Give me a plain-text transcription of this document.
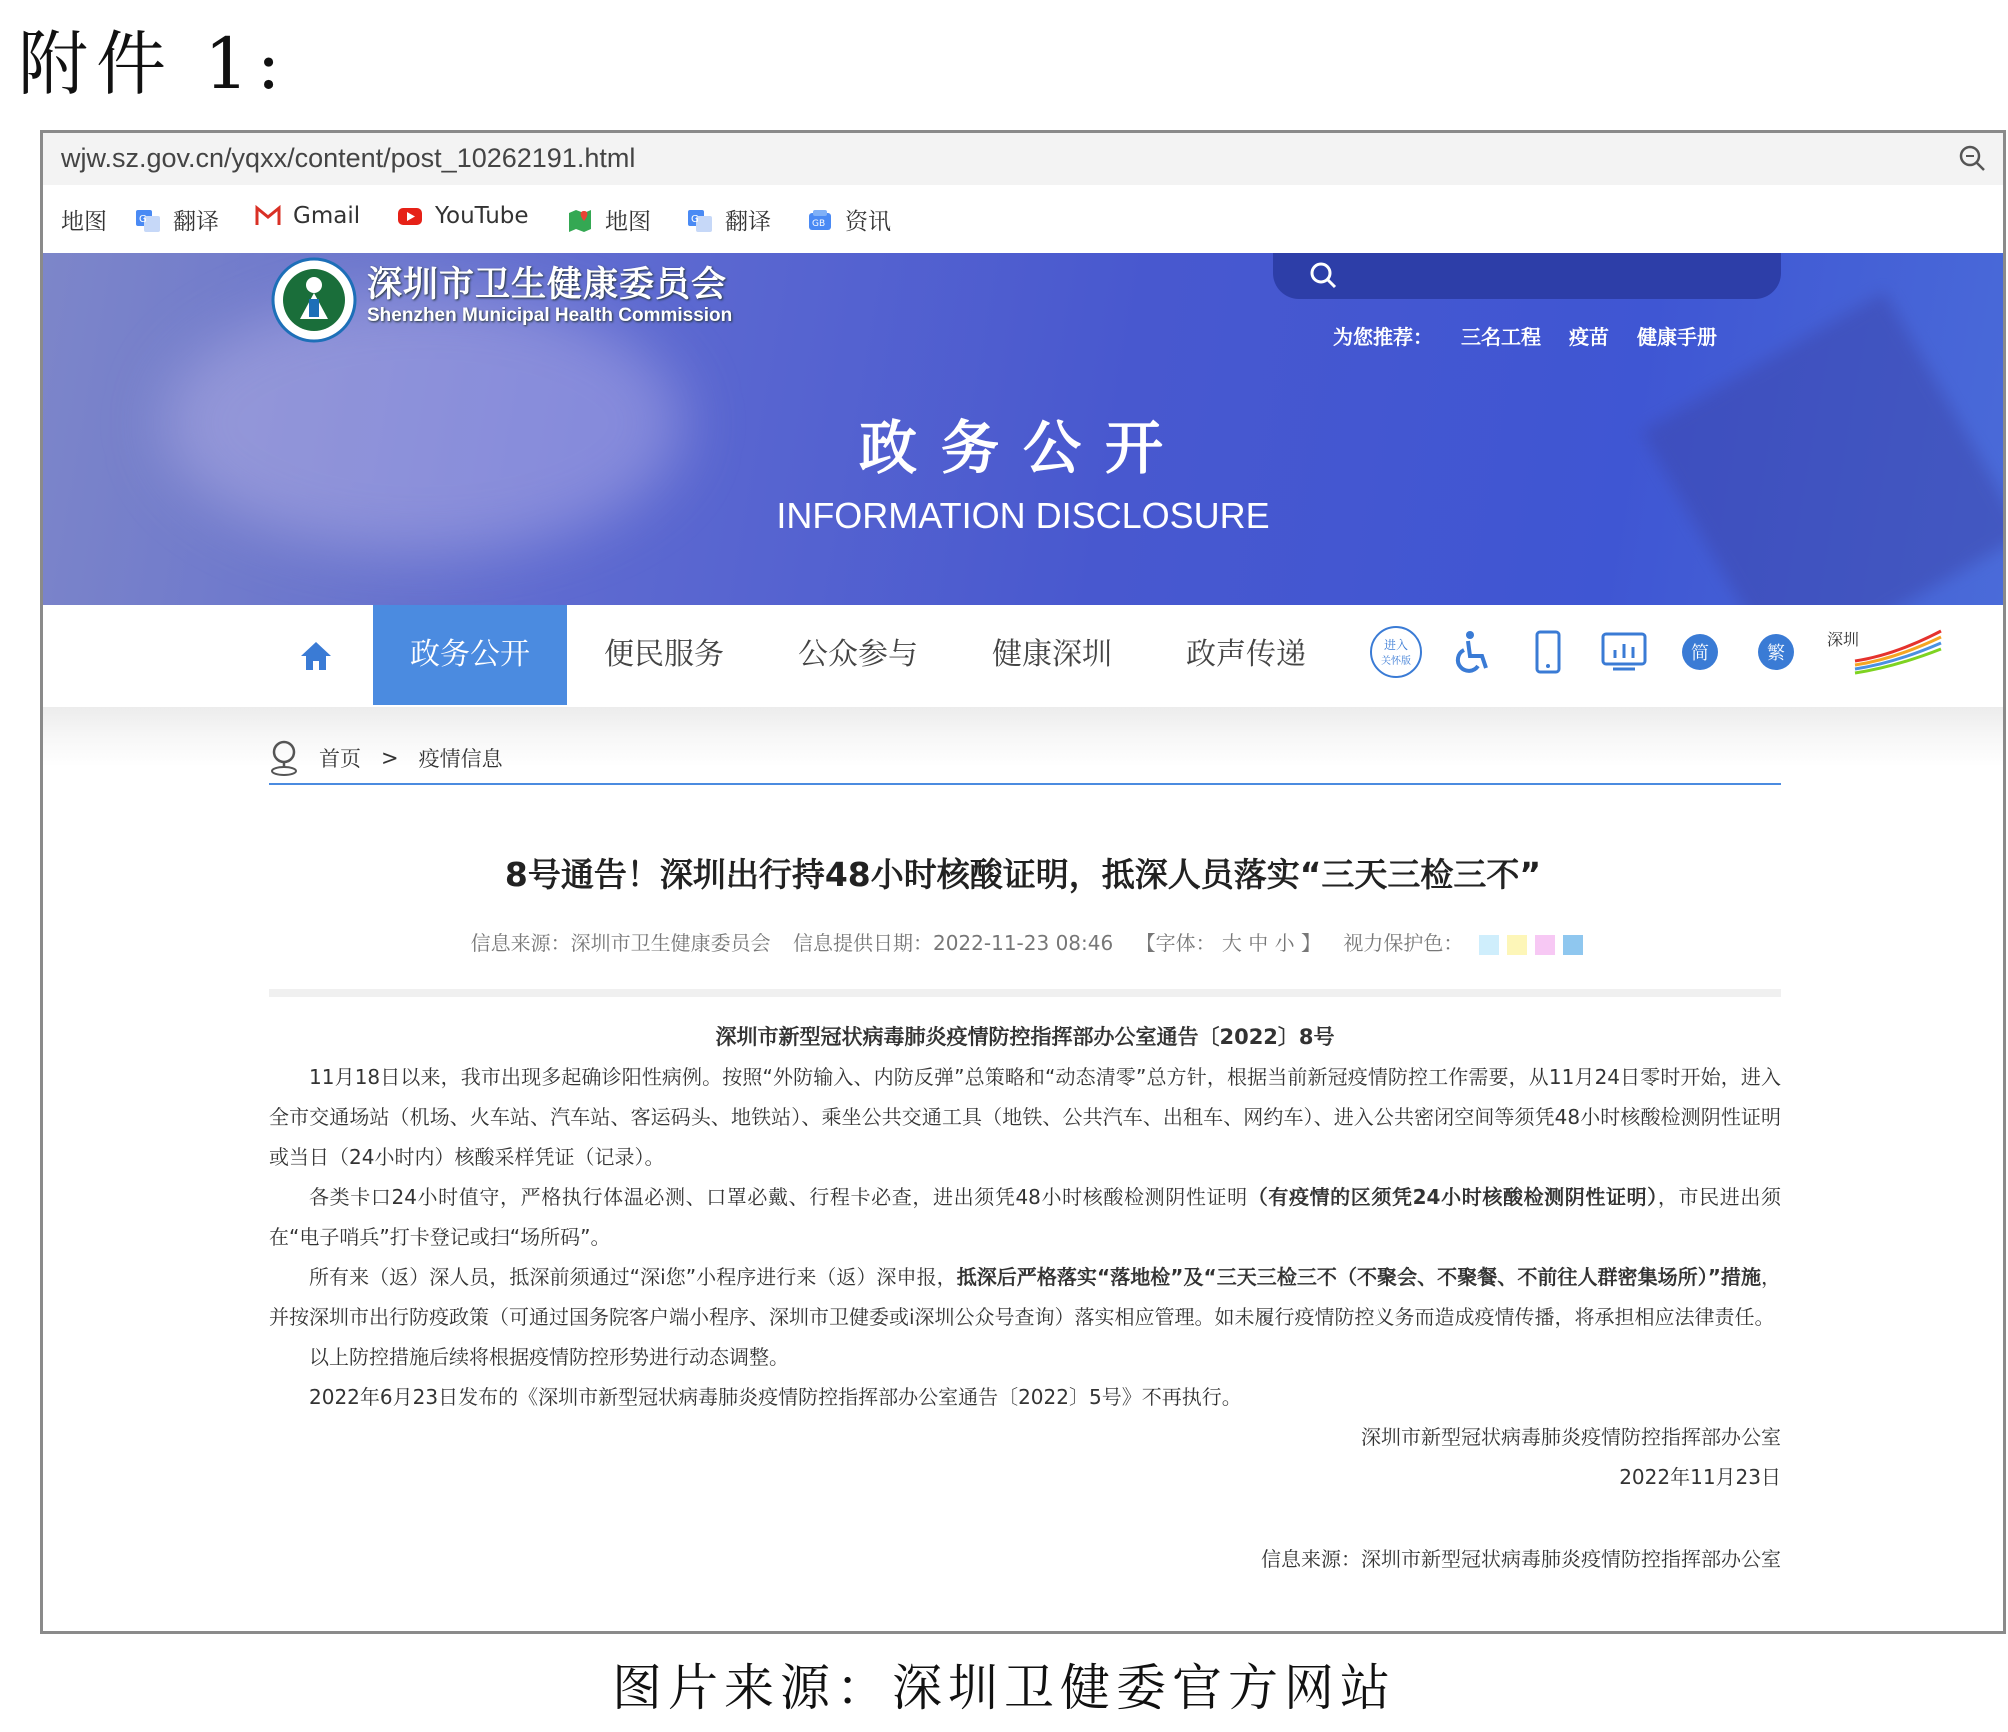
附件 1:
wjw.sz.gov.cn/yqxx/content/post_10262191.html
地图	G 翻译	Gmail	YouTube	地图	G 翻译	GB 资讯
深圳市卫生健康委员会
Shenzhen Municipal Health Commission
为您推荐： 三名工程 疫苗 健康手册
政务公开
INFORMATION DISCLOSURE
政务公开	便民服务	公众参与	健康深圳	政声传递	进入
关怀版	简	繁
深圳
首页 > 疫情信息
8号通告！深圳出行持48小时核酸证明，抵深人员落实“三天三检三不”
信息来源：深圳市卫生健康委员会 信息提供日期：2022-11-23 08:46 【字体： 大 中 小 】 视力保护色：
深圳市新型冠状病毒肺炎疫情防控指挥部办公室通告〔2022〕8号

11月18日以来，我市出现多起确诊阳性病例。按照“外防输入、内防反弹”总策略和“动态清零”总方针，根据当前新冠疫情防控工作需要，从11月24日零时开始，进入全市交通场站（机场、火车站、汽车站、客运码头、地铁站）、乘坐公共交通工具（地铁、公共汽车、出租车、网约车）、进入公共密闭空间等须凭48小时核酸检测阴性证明或当日（24小时内）核酸采样凭证（记录）。

各类卡口24小时值守，严格执行体温必测、口罩必戴、行程卡必查，进出须凭48小时核酸检测阴性证明（有疫情的区须凭24小时核酸检测阴性证明），市民进出须在“电子哨兵”打卡登记或扫“场所码”。

所有来（返）深人员，抵深前须通过“深i您”小程序进行来（返）深申报，抵深后严格落实“落地检”及“三天三检三不（不聚会、不聚餐、不前往人群密集场所）”措施，并按深圳市出行防疫政策（可通过国务院客户端小程序、深圳市卫健委或i深圳公众号查询）落实相应管理。如未履行疫情防控义务而造成疫情传播，将承担相应法律责任。

以上防控措施后续将根据疫情防控形势进行动态调整。

2022年6月23日发布的《深圳市新型冠状病毒肺炎疫情防控指挥部办公室通告〔2022〕5号》不再执行。

深圳市新型冠状病毒肺炎疫情防控指挥部办公室
2022年11月23日
信息来源：深圳市新型冠状病毒肺炎疫情防控指挥部办公室
图片来源：深圳卫健委官方网站
